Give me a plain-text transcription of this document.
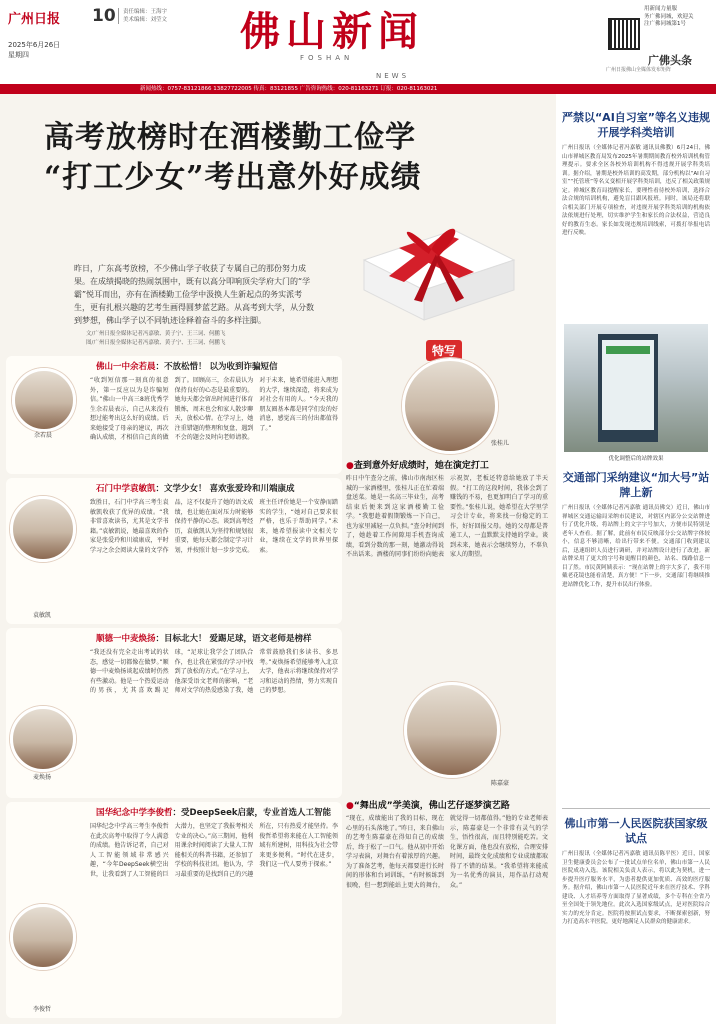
广州日报 10 责任编辑：王海宇
美术编辑：刘莹文
2025年6月26日
星期四	佛山新闻
FOSHAN
NEWS
用新闻力量服
务广佛同城，欢迎关
注广佛同城第1号
广佛头条
广州日报佛山全媒体发布矩阵
新闻热线：0757-83121866 13827722005 传真：83121855 广告咨询热线：020-81163271 订报：020-81163021
高考放榜时在酒楼勤工俭学
“打工少女”考出意外好成绩
昨日，广东高考放榜，不少佛山学子收获了专属自己的那份努力成果。在成绩揭晓的热闹氛围中，既有以高分叩响顶尖学府大门的“学霸”悦耳而出，亦有在酒楼勤工俭学中汲换人生新起点的务实派考生，更有扎根兴趣的艺考生画得圆梦蓝艺路。从高考到大学，从分数到梦想，佛山学子以不同轨迹诠释着奋斗的多样注脚。
文/广州日报全媒体记者冯嘉敏、黄子宁、王三词、何鹏飞
图/广州日报全媒体记者冯嘉敏、黄子宁、王三词、何鹏飞
特写
余若晨
佛山一中余若晨：不放松惜！ 以为收到诈骗短信
“收到短信那一刻真的很意外，第一反应以为是诈骗短信。”佛山一中高三8班优秀学生余若晨表示，自己从来没有想过能考出这么好的成绩。后来她接受了母亲的建议，再次确认成绩，才相信自己真的做到了。回顾高三，余若晨认为保持良好的心态是最重要的。她每天都会留出时间进行体育锻炼，周末也会和家人散步聊天，放松心情。在学习上，她注重错题的整理和复盘，遇到不会的题会及时向老师请教。对于未来，她希望能进入理想的大学，继续深造，将来成为对社会有用的人。“今天我的朋友圈基本都是同学们发的好消息，感觉高三的付出都值得了。”
袁敏凯
石门中学袁敏凯：文学少女！ 喜欢张爱玲和川端康成
致胜日，石门中学高三考生袁敏凯收获了优异的成绩。“我非常喜欢读书，尤其是文学书籍。”袁敏凯说，她最喜欢的作家是张爱玲和川端康成，平时学习之余会阅读大量的文学作品，这不仅提升了她的语文成绩，也让她在面对压力时能够保持平静的心态。谈到高考经历，袁敏凯认为坚持和规划很重要，她每天都会制定学习计划，并按照计划一步步完成。班主任评价她是一个安静而踏实的学生，“她对自己要求很严格，也乐于帮助同学。”未来，她希望报读中文相关专业，继续在文学的世界里探索。
麦焕扬
顺德一中麦焕扬：目标北大！ 爱踢足球，语文老师是榜样
“我还没有完全走出考试的状态，感觉一切都像在做梦。”顺德一中麦焕扬谈起成绩时仍然有些激动。他是一个热爱运动的男孩，尤其喜欢踢足球，“足球让我学会了团队合作，也让我在紧张的学习中找到了放松的方式。”在学习上，他深受语文老师的影响，“老师对文学的热爱感染了我，她常常鼓励我们多读书、多思考。”麦焕扬希望能够考入北京大学，他表示将继续保持对学习和运动的热情，努力实现自己的梦想。
李俊哲
国华纪念中学李俊哲：受DeepSeek启蒙，专业首选人工智能
国华纪念中学高三考生李俊哲在此次高考中取得了令人满意的成绩。他告诉记者，自己对人工智能领域非常感兴趣，“今年DeepSeek横空出世，让我看到了人工智能的巨大潜力，也坚定了我报考相关专业的决心。”高三期间，他利用课余时间阅读了大量人工智能相关的科普书籍，还参加了学校的科技社团。他认为，学习最重要的是找到自己的兴趣所在，只有热爱才能坚持。李俊哲希望将来能在人工智能领域有所建树，用科技为社会带来更多便利。“时代在进步，我们这一代人要勇于探索。”
张桂儿
●查到意外好成绩时，她在演定打工
昨日中午查分之前，佛山市南海区桂城的一家酒楼里，张桂儿正在忙着端盘送菜。她是一名高三毕业生，高考结束后便来到这家酒楼勤工俭学。“我想趁着假期锻炼一下自己，也为家里减轻一点负担。”查分时间到了，她趁着工作间隙用手机查询成绩，看到分数的那一刻，她激动得说不出话来。酒楼的同事们纷纷向她表示祝贺，老板还特意给她放了半天假。“打工的这段时间，我体会到了赚钱的不易，也更加明白了学习的重要性。”张桂儿说，她希望在大学里学习会计专业，将来找一份稳定的工作，好好回报父母。她的父母都是普通工人，一直默默支持她的学业。谈到未来，她表示会继续努力，不辜负家人的期望。
陈嘉豪
●“舞出成”学美演，佛山艺仔逐梦演艺路
“现在，成绩能出了我的目标，现在心里的石头落地了。”昨日，来自佛山的艺考生陈嘉豪在得知自己的成绩后，终于松了一口气。他从初中开始学习表演，对舞台有着浓厚的兴趣。为了准备艺考，他每天都要进行长时间的形体和台词训练，“有时候练到很晚，但一想到能站上更大的舞台，就觉得一切都值得。”他的专业老师表示，陈嘉豪是一个非常有灵气的学生，悟性很高，而且特别能吃苦。文化课方面，他也没有放松，合理安排时间，最终文化成绩和专业成绩都取得了不错的结果。“我希望将来能成为一名优秀的演员，用作品打动观众。”
严禁以“AI自习室”等名义违规开展学科类培训
广州日报讯（全媒体记者冯嘉敏 通讯员佛教）6月24日，佛山市禅城区教育局发布2025年暑期期间教育校外培训机构管理提示。要求全区各校外培训机构不得违规开展学科类培训。据介绍，暑期是校外培训的高发期，部分机构以“AI自习室”“托管班”等名义变相开展学科类培训，违反了相关政策规定。禅城区教育局提醒家长，要理性看待校外培训，选择合法合规的培训机构，避免盲目跟风报班。同时，该局还将联合相关部门开展专项检查，对违规开展学科类培训的机构依法依规进行处理，切实维护学生和家长的合法权益，营造良好的教育生态。家长如发现违规培训线索，可拨打举报电话进行反映。
优化调整后的站牌效果
交通部门采纳建议“加大号”站牌上新
广州日报讯（全媒体记者冯嘉敏 通讯员佛交）近日，佛山市禅城区交通运输局采纳市民建议，对辖区内部分公交站牌进行了优化升级，将站牌上的文字字号加大，方便市民特别是老年人查看。据了解，此前有市民反映部分公交站牌字体较小，信息不够清晰，给出行带来不便。交通部门收到建议后，迅速组织人员进行调研，并对站牌设计进行了改进。新站牌采用了更大的字号和更醒目的颜色，站名、线路信息一目了然。市民黄阿姨表示：“现在站牌上的字大多了，我不用戴老花镜也能看清楚，真方便！”下一步，交通部门将继续推进站牌优化工作，提升市民出行体验。
佛山市第一人民医院获国家级试点
广州日报讯（全媒体记者冯嘉敏 通讯员陈平医）近日，国家卫生健康委员会公布了一批试点单位名单，佛山市第一人民医院成功入选。该院相关负责人表示，将以此为契机，进一步提升医疗服务水平，为患者提供更加优质、高效的医疗服务。据介绍，佛山市第一人民医院近年来在医疗技术、学科建设、人才培养等方面取得了显著成绩，多个专科在全省乃至全国处于领先地位。此次入选国家级试点，是对医院综合实力的充分肯定。医院将按照试点要求，不断探索创新，努力打造高水平医院，更好地满足人民群众的健康需求。
